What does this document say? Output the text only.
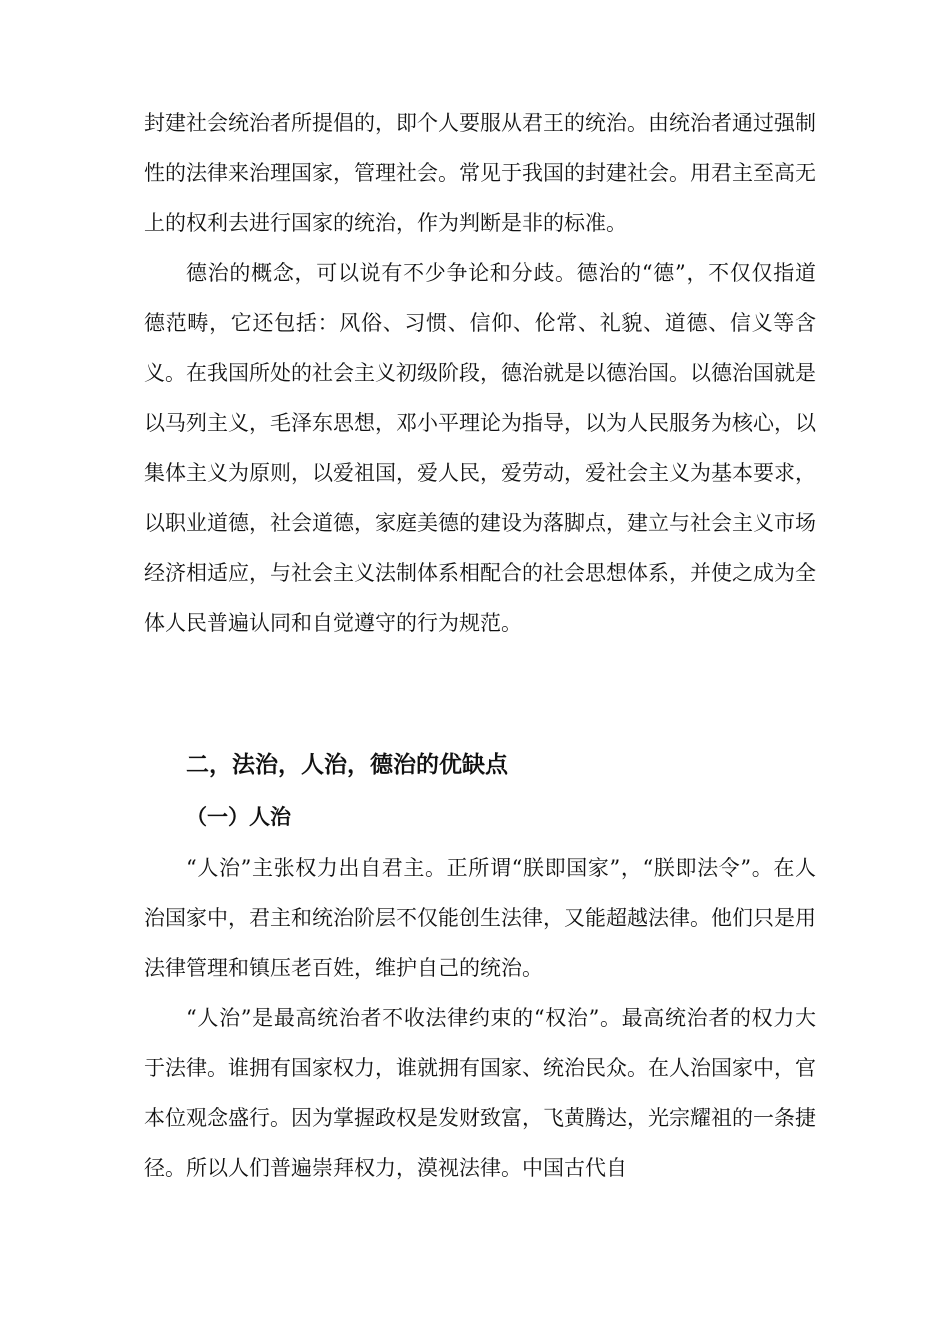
封建社会统治者所提倡的，即个人要服从君王的统治。由统治者通过强制性的法律来治理国家，管理社会。常见于我国的封建社会。用君主至高无上的权利去进行国家的统治，作为判断是非的标准。

德治的概念，可以说有不少争论和分歧。德治的“德”，不仅仅指道德范畴，它还包括：风俗、习惯、信仰、伦常、礼貌、道德、信义等含义。在我国所处的社会主义初级阶段，德治就是以德治国。以德治国就是以马列主义，毛泽东思想，邓小平理论为指导，以为人民服务为核心，以集体主义为原则，以爱祖国，爱人民，爱劳动，爱社会主义为基本要求，以职业道德，社会道德，家庭美德的建设为落脚点，建立与社会主义市场经济相适应，与社会主义法制体系相配合的社会思想体系，并使之成为全体人民普遍认同和自觉遵守的行为规范。

二，法治，人治，德治的优缺点
（一）人治

“人治”主张权力出自君主。正所谓“朕即国家”，“朕即法令”。在人治国家中，君主和统治阶层不仅能创生法律，又能超越法律。他们只是用法律管理和镇压老百姓，维护自己的统治。

“人治”是最高统治者不收法律约束的“权治”。最高统治者的权力大于法律。谁拥有国家权力，谁就拥有国家、统治民众。在人治国家中，官本位观念盛行。因为掌握政权是发财致富，飞黄腾达，光宗耀祖的一条捷径。所以人们普遍崇拜权力，漠视法律。中国古代自
